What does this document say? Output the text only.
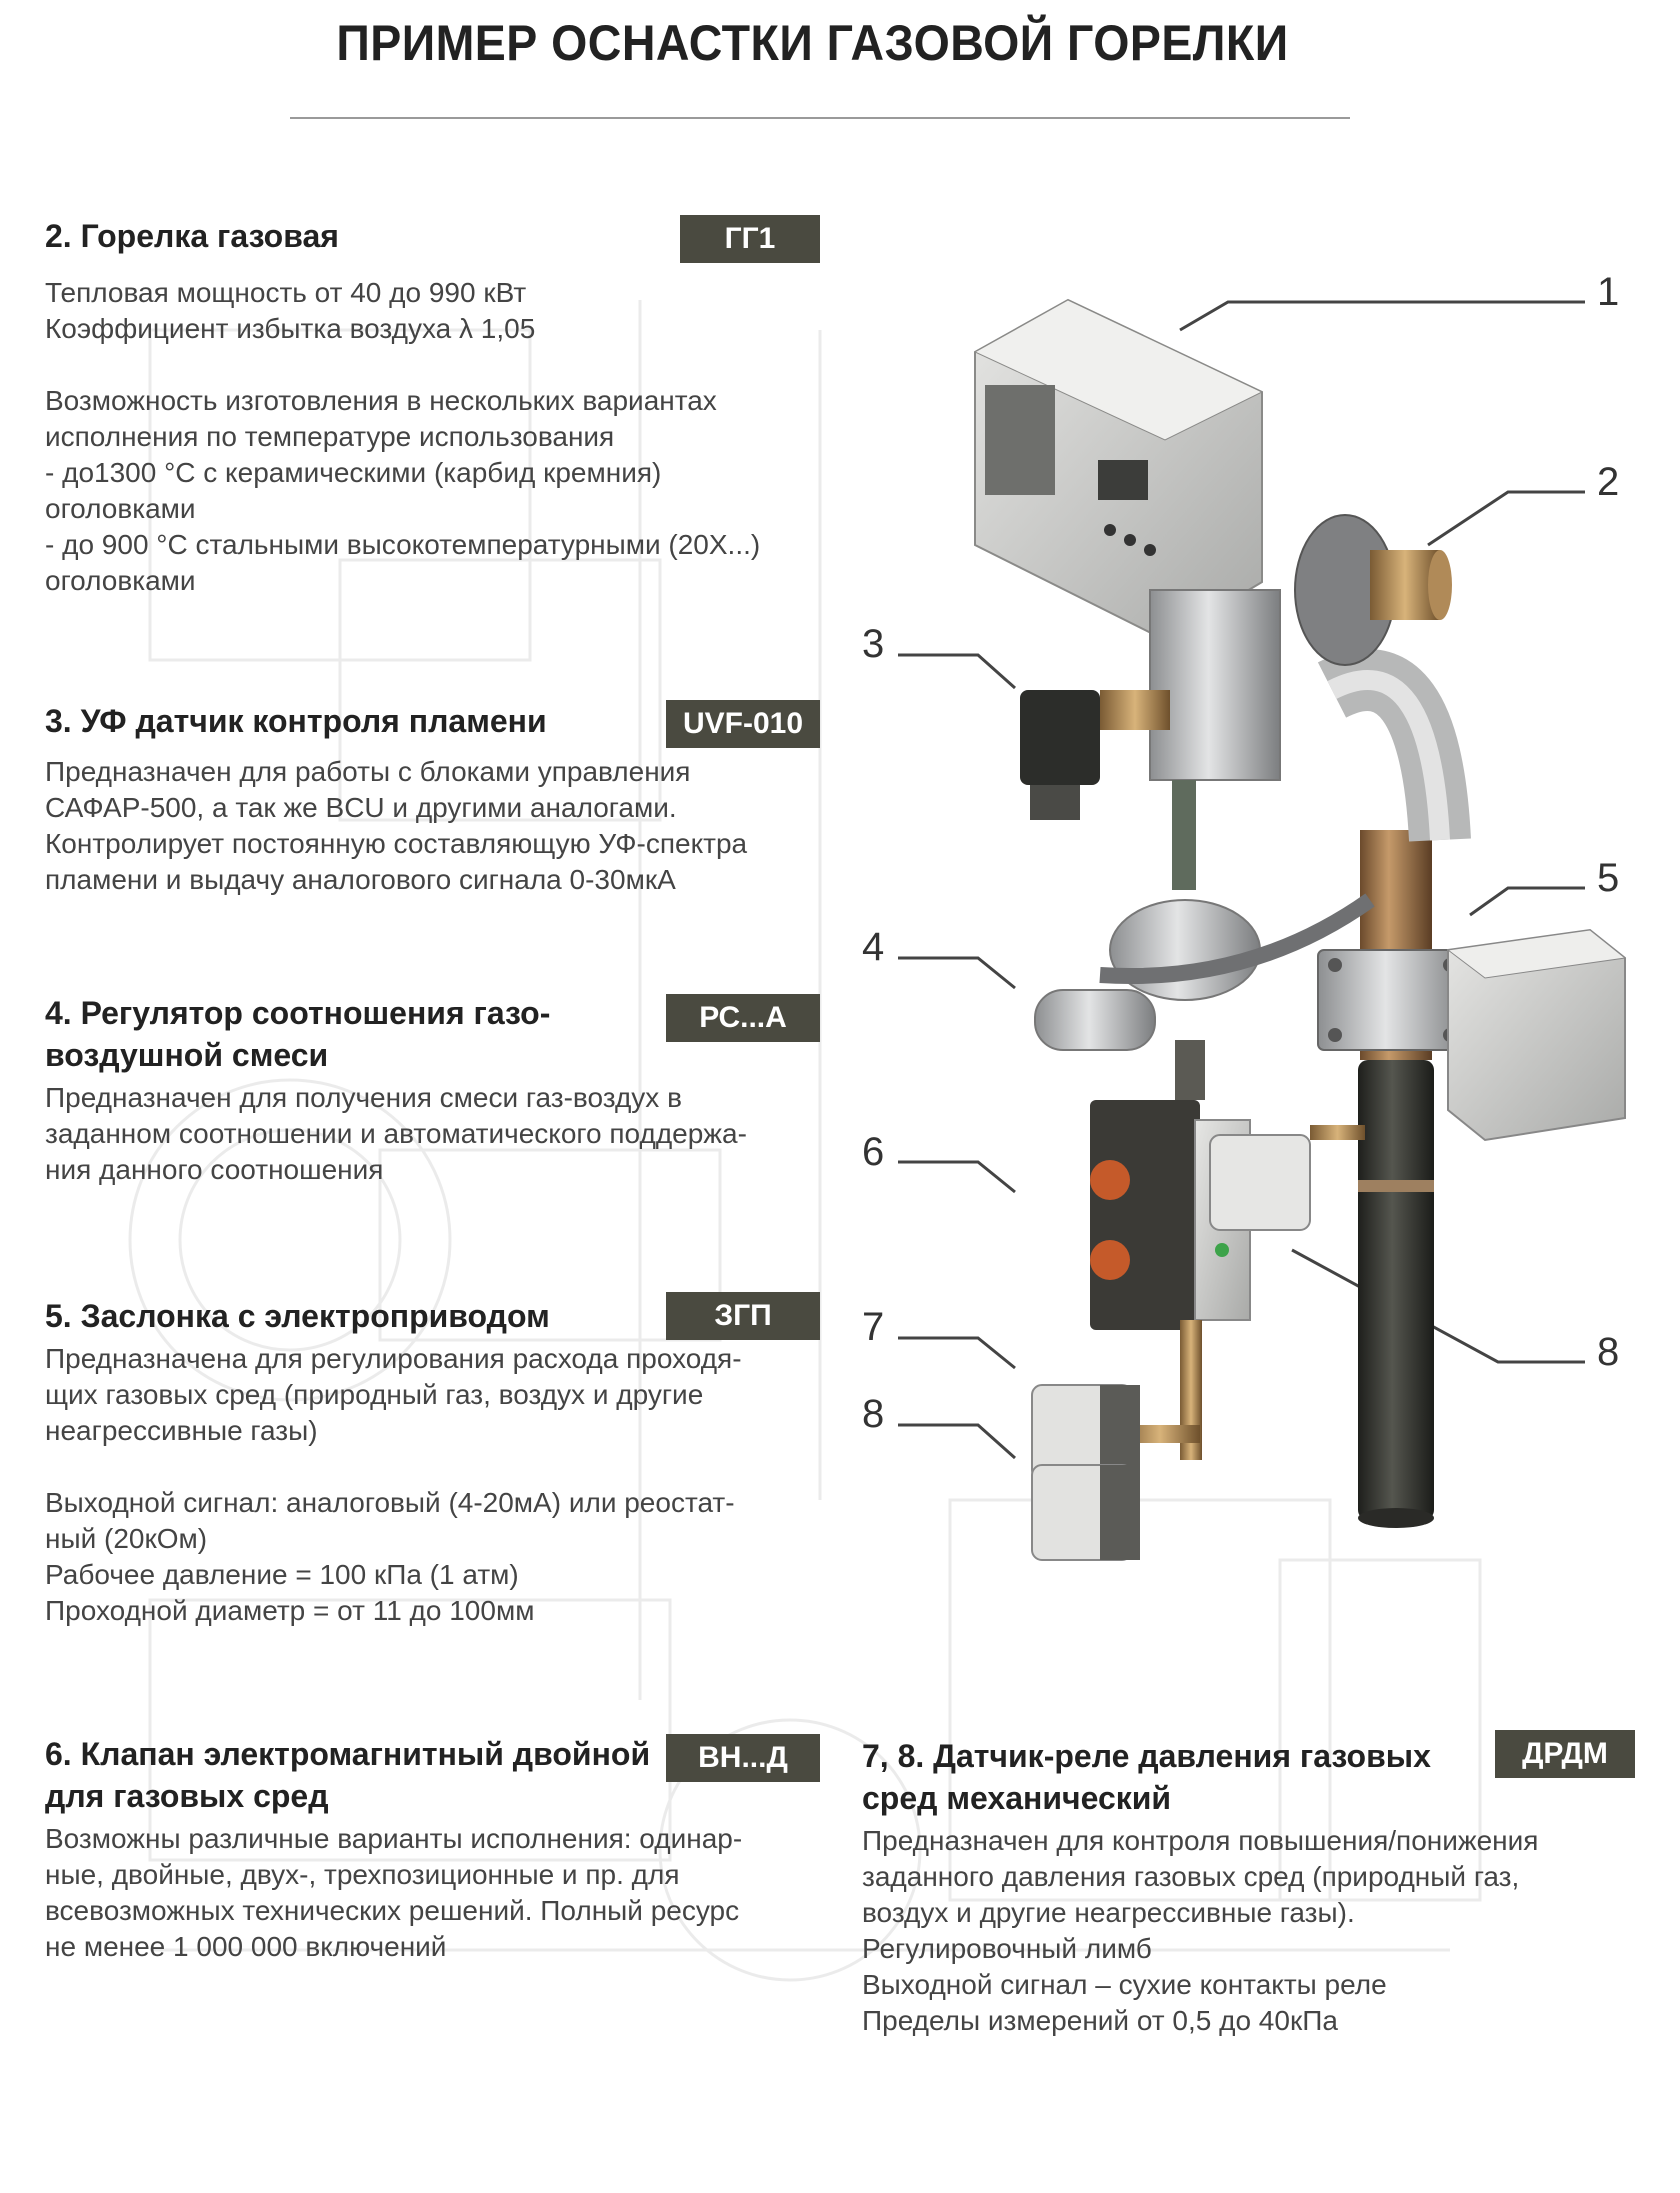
ПРИМЕР ОСНАСТКИ ГАЗОВОЙ ГОРЕЛКИ
2. Горелка газовая
Тепловая мощность от 40 до 990 кВт
Коэффициент избытка воздуха λ 1,05

Возможность изготовления в нескольких вариантах
исполнения по температуре использования
- до1300 °С с керамическими (карбид кремния)
оголовками
- до 900 °С стальными высокотемпературными (20Х...)
оголовками
ГГ1
3. УФ датчик контроля пламени
Предназначен для работы с блоками управления
САФАР-500, а так же BCU и другими аналогами.
Контролирует постоянную составляющую УФ-спектра
пламени и выдачу аналогового сигнала 0-30мкА
UVF-010
4. Регулятор соотношения газо-
воздушной смеси
Предназначен для получения смеси газ-воздух в
заданном соотношении и автоматического поддержа-
ния данного соотношения
РС...А
5. Заслонка с электроприводом
Предназначена для регулирования расхода проходя-
щих газовых сред (природный газ, воздух и другие
неагрессивные газы)

Выходной сигнал: аналоговый (4-20мА) или реостат-
ный (20кОм)
Рабочее давление = 100 кПа (1 атм)
Проходной диаметр = от 11 до 100мм
ЗГП
6. Клапан электромагнитный двойной
для газовых сред
Возможны различные варианты исполнения: одинар-
ные, двойные, двух-, трехпозиционные и пр. для
всевозможных технических решений. Полный ресурс
не менее 1 000 000 включений
ВН...Д	7, 8. Датчик-реле давления газовых
сред механический
Предназначен для контроля повышения/понижения
заданного давления газовых сред (природный газ,
воздух и другие неагрессивные газы).
Регулировочный лимб
Выходной сигнал – сухие контакты реле
Пределы измерений от 0,5 до 40кПа
ДРДМ
1
2
3
4
5
6
7
8
8
